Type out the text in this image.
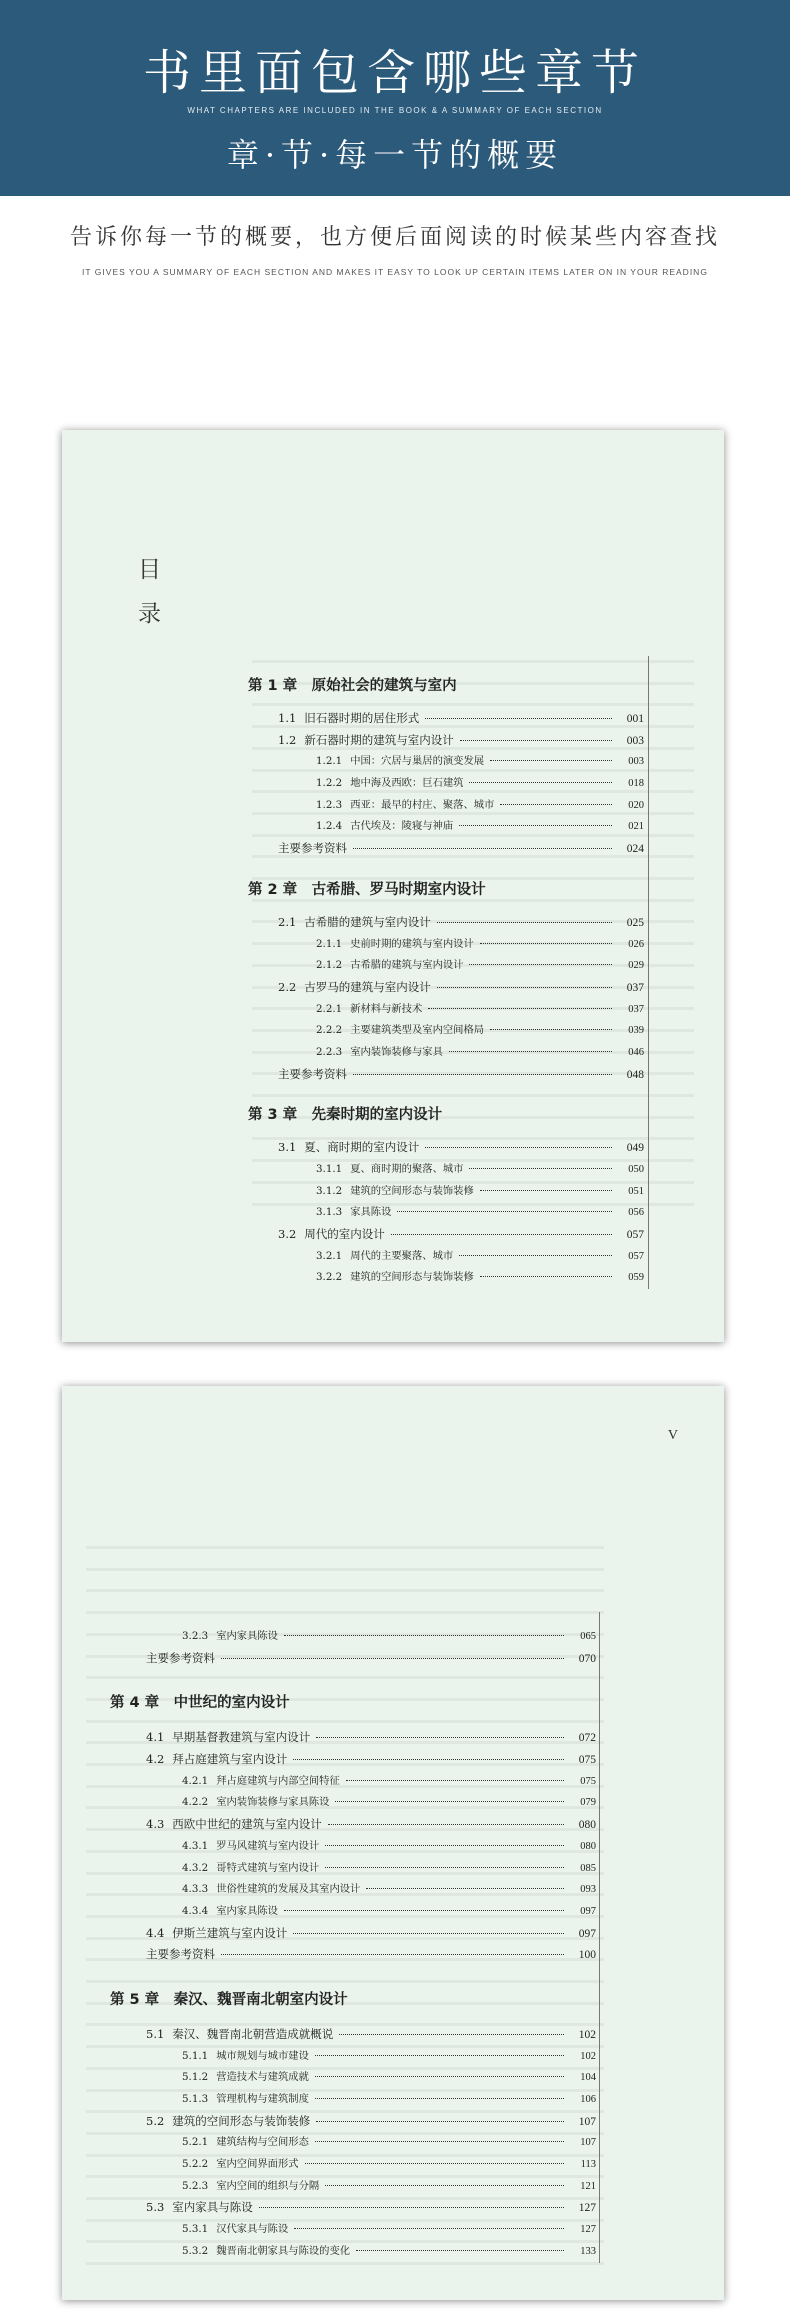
书里面包含哪些章节
WHAT CHAPTERS ARE INCLUDED IN THE BOOK & A SUMMARY OF EACH SECTION
章·节·每一节的概要
告诉你每一节的概要，也方便后面阅读的时候某些内容查找
IT GIVES YOU A SUMMARY OF EACH SECTION AND MAKES IT EASY TO LOOK UP CERTAIN ITEMS LATER ON IN YOUR READING
目录
第 1 章　原始社会的建筑与室内
1.1 旧石器时期的居住形式	001
1.2 新石器时期的建筑与室内设计	003
1.2.1 中国：穴居与巢居的演变发展	003
1.2.2 地中海及西欧：巨石建筑	018
1.2.3 西亚：最早的村庄、聚落、城市	020
1.2.4 古代埃及：陵寝与神庙	021
主要参考资料	024
第 2 章　古希腊、罗马时期室内设计
2.1 古希腊的建筑与室内设计	025
2.1.1 史前时期的建筑与室内设计	026
2.1.2 古希腊的建筑与室内设计	029
2.2 古罗马的建筑与室内设计	037
2.2.1 新材料与新技术	037
2.2.2 主要建筑类型及室内空间格局	039
2.2.3 室内装饰装修与家具	046
主要参考资料	048
第 3 章　先秦时期的室内设计
3.1 夏、商时期的室内设计	049
3.1.1 夏、商时期的聚落、城市	050
3.1.2 建筑的空间形态与装饰装修	051
3.1.3 家具陈设	056
3.2 周代的室内设计	057
3.2.1 周代的主要聚落、城市	057
3.2.2 建筑的空间形态与装饰装修	059
V
3.2.3 室内家具陈设	065
主要参考资料	070
第 4 章　中世纪的室内设计
4.1 早期基督教建筑与室内设计	072
4.2 拜占庭建筑与室内设计	075
4.2.1 拜占庭建筑与内部空间特征	075
4.2.2 室内装饰装修与家具陈设	079
4.3 西欧中世纪的建筑与室内设计	080
4.3.1 罗马风建筑与室内设计	080
4.3.2 哥特式建筑与室内设计	085
4.3.3 世俗性建筑的发展及其室内设计	093
4.3.4 室内家具陈设	097
4.4 伊斯兰建筑与室内设计	097
主要参考资料	100
第 5 章　秦汉、魏晋南北朝室内设计
5.1 秦汉、魏晋南北朝营造成就概说	102
5.1.1 城市规划与城市建设	102
5.1.2 营造技术与建筑成就	104
5.1.3 管理机构与建筑制度	106
5.2 建筑的空间形态与装饰装修	107
5.2.1 建筑结构与空间形态	107
5.2.2 室内空间界面形式	113
5.2.3 室内空间的组织与分隔	121
5.3 室内家具与陈设	127
5.3.1 汉代家具与陈设	127
5.3.2 魏晋南北朝家具与陈设的变化	133
